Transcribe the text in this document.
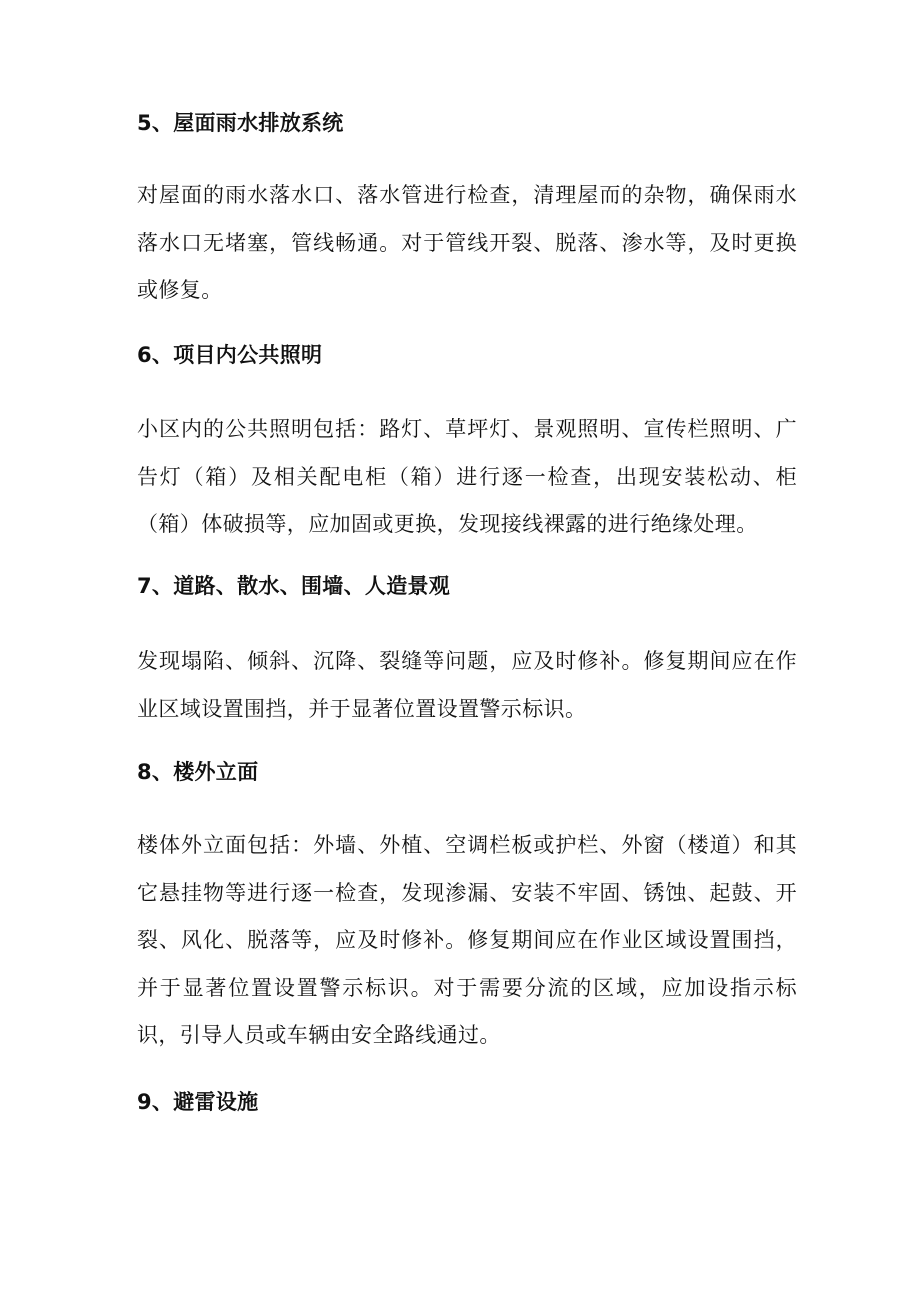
5、屋面雨水排放系统

对屋面的雨水落水口、落水管进行检查，清理屋而的杂物，确保雨水落水口无堵塞，管线畅通。对于管线开裂、脱落、渗水等，及时更换或修复。

6、项目内公共照明

小区内的公共照明包括：路灯、草坪灯、景观照明、宣传栏照明、广告灯（箱）及相关配电柜（箱）进行逐一检查，出现安装松动、柜（箱）体破损等，应加固或更换，发现接线裸露的进行绝缘处理。

7、道路、散水、围墙、人造景观

发现塌陷、倾斜、沉降、裂缝等问题，应及时修补。修复期间应在作业区域设置围挡，并于显著位置设置警示标识。

8、楼外立面

楼体外立面包括：外墙、外植、空调栏板或护栏、外窗（楼道）和其它悬挂物等进行逐一检查，发现渗漏、安装不牢固、锈蚀、起鼓、开裂、风化、脱落等，应及时修补。修复期间应在作业区域设置围挡，并于显著位置设置警示标识。对于需要分流的区域，应加设指示标识，引导人员或车辆由安全路线通过。

9、避雷设施
